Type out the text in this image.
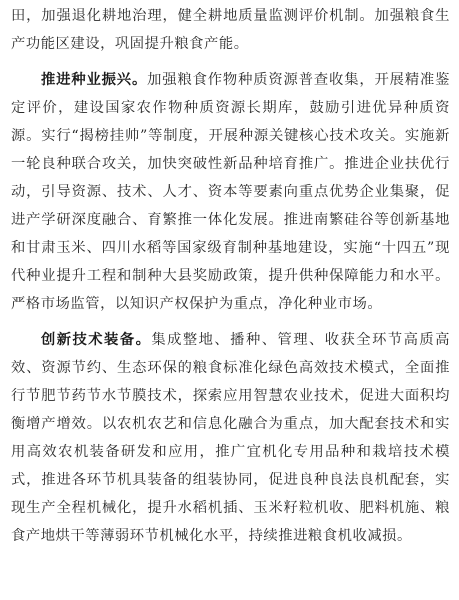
田，加强退化耕地治理，健全耕地质量监测评价机制。加强粮食生产功能区建设，巩固提升粮食产能。

推进种业振兴。加强粮食作物种质资源普查收集，开展精准鉴定评价，建设国家农作物种质资源长期库，鼓励引进优异种质资源。实行“揭榜挂帅”等制度，开展种源关键核心技术攻关。实施新一轮良种联合攻关，加快突破性新品种培育推广。推进企业扶优行动，引导资源、技术、人才、资本等要素向重点优势企业集聚，促进产学研深度融合、育繁推一体化发展。推进南繁硅谷等创新基地和甘肃玉米、四川水稻等国家级育制种基地建设，实施“十四五”现代种业提升工程和制种大县奖励政策，提升供种保障能力和水平。严格市场监管，以知识产权保护为重点，净化种业市场。

创新技术装备。集成整地、播种、管理、收获全环节高质高效、资源节约、生态环保的粮食标准化绿色高效技术模式，全面推行节肥节药节水节膜技术，探索应用智慧农业技术，促进大面积均衡增产增效。以农机农艺和信息化融合为重点，加大配套技术和实用高效农机装备研发和应用，推广宜机化专用品种和栽培技术模式，推进各环节机具装备的组装协同，促进良种良法良机配套，实现生产全程机械化，提升水稻机插、玉米籽粒机收、肥料机施、粮食产地烘干等薄弱环节机械化水平，持续推进粮食机收减损。
